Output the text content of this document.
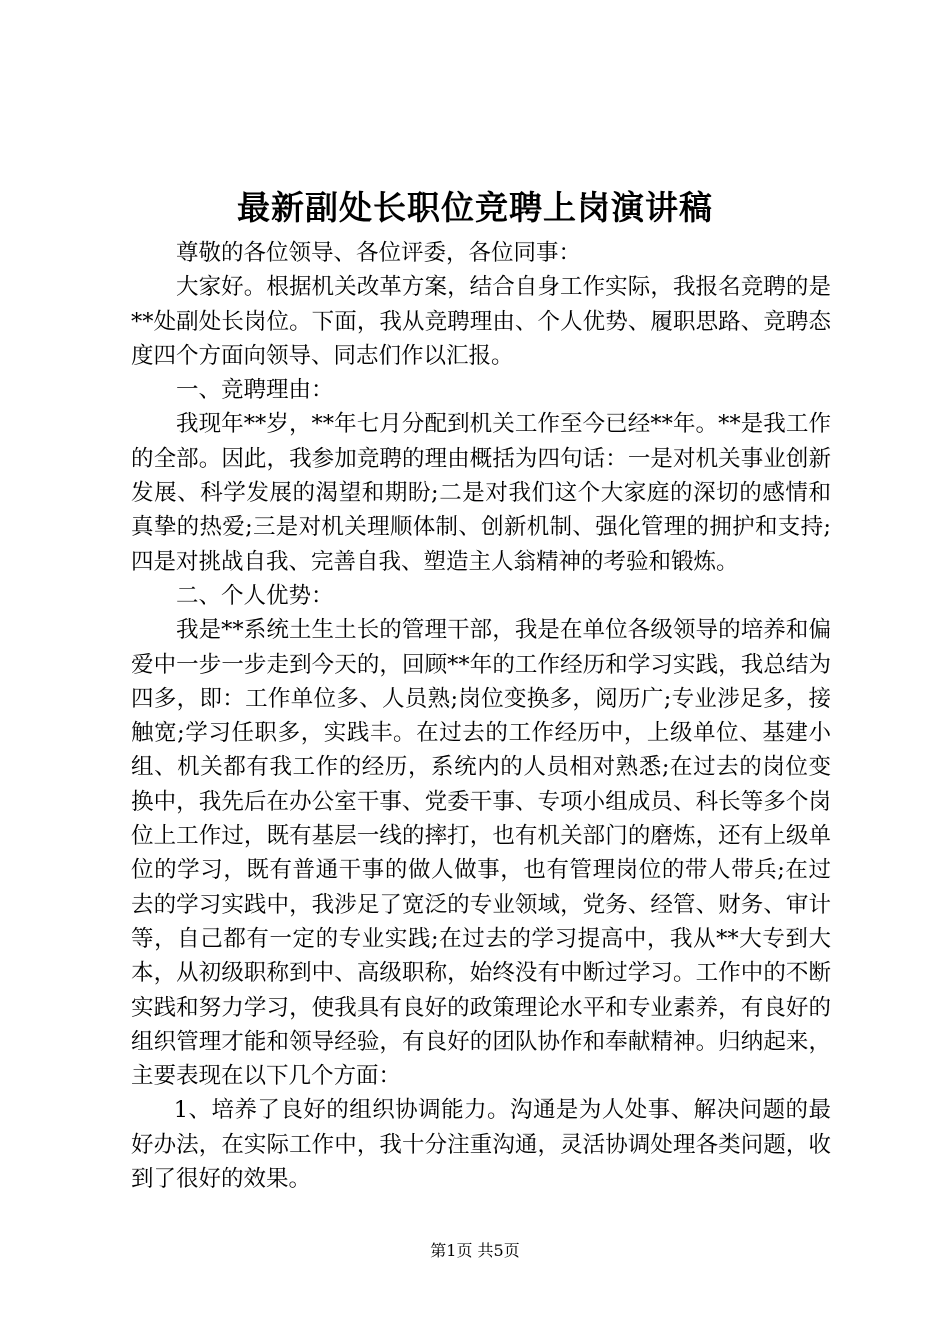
最新副处长职位竞聘上岗演讲稿

尊敬的各位领导、各位评委，各位同事：

大家好。根据机关改革方案，结合自身工作实际，我报名竞聘的是**处副处长岗位。下面，我从竞聘理由、个人优势、履职思路、竞聘态度四个方面向领导、同志们作以汇报。

一、竞聘理由：

我现年**岁，**年七月分配到机关工作至今已经**年。**是我工作的全部。因此，我参加竞聘的理由概括为四句话：一是对机关事业创新发展、科学发展的渴望和期盼;二是对我们这个大家庭的深切的感情和真挚的热爱;三是对机关理顺体制、创新机制、强化管理的拥护和支持;四是对挑战自我、完善自我、塑造主人翁精神的考验和锻炼。

二、个人优势：

我是**系统土生土长的管理干部，我是在单位各级领导的培养和偏爱中一步一步走到今天的，回顾**年的工作经历和学习实践，我总结为四多，即：工作单位多、人员熟;岗位变换多，阅历广;专业涉足多，接触宽;学习任职多，实践丰。在过去的工作经历中，上级单位、基建小组、机关都有我工作的经历，系统内的人员相对熟悉;在过去的岗位变换中，我先后在办公室干事、党委干事、专项小组成员、科长等多个岗位上工作过，既有基层一线的摔打，也有机关部门的磨炼，还有上级单位的学习，既有普通干事的做人做事，也有管理岗位的带人带兵;在过去的学习实践中，我涉足了宽泛的专业领域，党务、经管、财务、审计等，自己都有一定的专业实践;在过去的学习提高中，我从**大专到大本，从初级职称到中、高级职称，始终没有中断过学习。工作中的不断实践和努力学习，使我具有良好的政策理论水平和专业素养，有良好的组织管理才能和领导经验，有良好的团队协作和奉献精神。归纳起来，主要表现在以下几个方面：

1、培养了良好的组织协调能力。沟通是为人处事、解决问题的最好办法，在实际工作中，我十分注重沟通，灵活协调处理各类问题，收到了很好的效果。

第1页 共5页
